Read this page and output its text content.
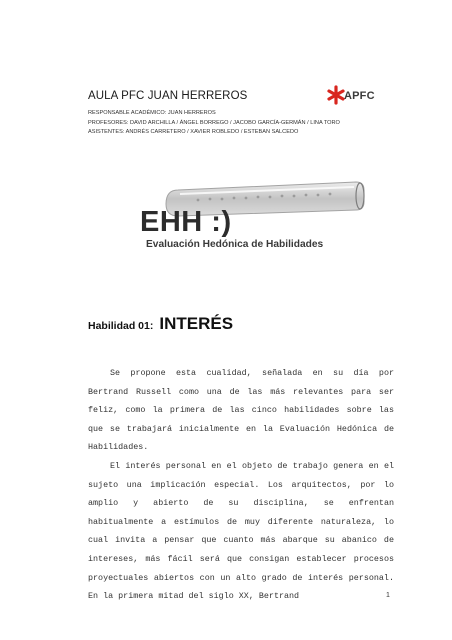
AULA PFC JUAN HERREROS
RESPONSABLE ACADÉMICO: JUAN HERREROS
PROFESORES: DAVID ARCHILLA / ÁNGEL BORREGO / JACOBO GARCÍA-GERMÁN / LINA TORO
ASISTENTES: ANDRÉS CARRETERO / XAVIER ROBLEDO / ESTEBAN SALCEDO
APFC
EHH :)
Evaluación Hedónica de Habilidades
Habilidad 01: INTERÉS

Se propone esta cualidad, señalada en su día por Bertrand Russell como una de las más relevantes para ser feliz, como la primera de las cinco habilidades sobre las que se trabajará inicialmente en la Evaluación Hedónica de Habilidades.

El interés personal en el objeto de trabajo genera en el sujeto una implicación especial. Los arquitectos, por lo amplio y abierto de su disciplina, se enfrentan habitualmente a estímulos de muy diferente naturaleza, lo cual invita a pensar que cuanto más abarque su abanico de intereses, más fácil será que consigan establecer procesos proyectuales abiertos con un alto grado de interés personal. En la primera mitad del siglo XX, Bertrand	1
